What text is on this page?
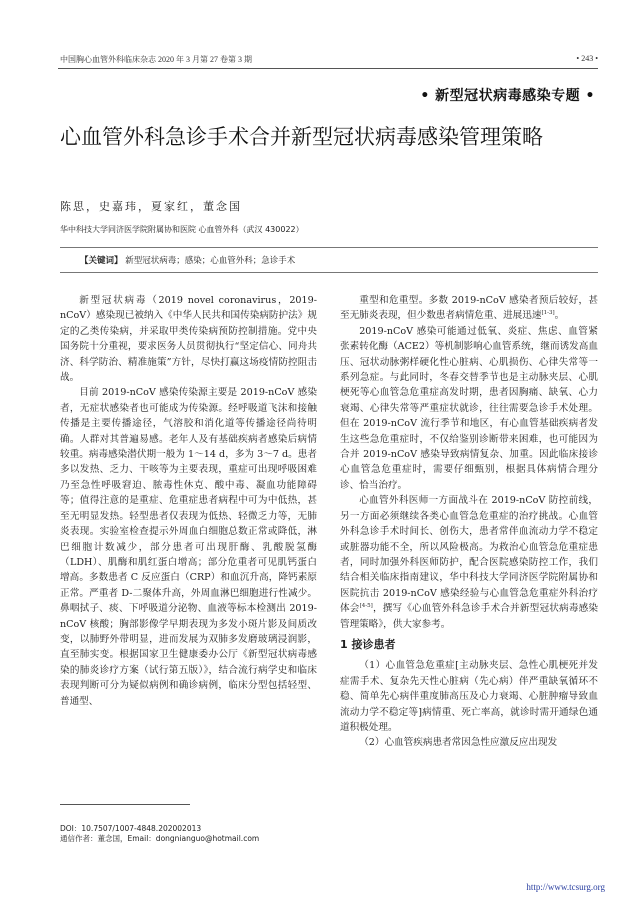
中国胸心血管外科临床杂志 2020 年 3 月第 27 卷第 3 期	• 243 •
• 新型冠状病毒感染专题 •
心血管外科急诊手术合并新型冠状病毒感染管理策略
陈思，史嘉玮，夏家红，董念国
华中科技大学同济医学院附属协和医院 心血管外科（武汉 430022）
【关键词】 新型冠状病毒；感染；心血管外科；急诊手术

新型冠状病毒（2019 novel coronavirus，2019-nCoV）感染现已被纳入《中华人民共和国传染病防护法》规定的乙类传染病，并采取甲类传染病预防控制措施。党中央国务院十分重视，要求医务人员贯彻执行“坚定信心、同舟共济、科学防治、精准施策”方针，尽快打赢这场疫情防控阻击战。

目前 2019-nCoV 感染传染源主要是 2019-nCoV 感染者，无症状感染者也可能成为传染源。经呼吸道飞沫和接触传播是主要传播途径，气溶胶和消化道等传播途径尚待明确。人群对其普遍易感。老年人及有基础疾病者感染后病情较重。病毒感染潜伏期一般为 1～14 d，多为 3～7 d。患者多以发热、乏力、干咳等为主要表现，重症可出现呼吸困难乃至急性呼吸窘迫、脓毒性休克、酸中毒、凝血功能障碍等；值得注意的是重症、危重症患者病程中可为中低热，甚至无明显发热。轻型患者仅表现为低热、轻微乏力等，无肺炎表现。实验室检查提示外周血白细胞总数正常或降低，淋巴细胞计数减少，部分患者可出现肝酶、乳酸脱氢酶（LDH）、肌酶和肌红蛋白增高；部分危重者可见肌钙蛋白增高。多数患者 C 反应蛋白（CRP）和血沉升高，降钙素原正常。严重者 D-二聚体升高，外周血淋巴细胞进行性减少。鼻咽拭子、痰、下呼吸道分泌物、血液等标本检测出 2019-nCoV 核酸；胸部影像学早期表现为多发小斑片影及间质改变，以肺野外带明显，进而发展为双肺多发磨玻璃浸润影，直至肺实变。根据国家卫生健康委办公厅《新型冠状病毒感染的肺炎诊疗方案（试行第五版）》，结合流行病学史和临床表现判断可分为疑似病例和确诊病例，临床分型包括轻型、普通型、

重型和危重型。多数 2019-nCoV 感染者预后较好，甚至无肺炎表现，但少数患者病情危重、进展迅速[1-3]。

2019-nCoV 感染可能通过低氧、炎症、焦虑、血管紧张素转化酶（ACE2）等机制影响心血管系统，继而诱发高血压、冠状动脉粥样硬化性心脏病、心肌损伤、心律失常等一系列急症。与此同时，冬春交替季节也是主动脉夹层、心肌梗死等心血管急危重症高发时期，患者因胸痛、缺氧、心力衰竭、心律失常等严重症状就诊，往往需要急诊手术处理。但在 2019-nCoV 流行季节和地区，有心血管基础疾病者发生这些急危重症时，不仅给鉴别诊断带来困难，也可能因为合并 2019-nCoV 感染导致病情复杂、加重。因此临床接诊心血管急危重症时，需要仔细甄别，根据具体病情合理分诊、恰当治疗。

心血管外科医师一方面战斗在 2019-nCoV 防控前线，另一方面必须继续各类心血管急危重症的治疗挑战。心血管外科急诊手术时间长、创伤大，患者常伴血流动力学不稳定或脏器功能不全，所以风险极高。为救治心血管急危重症患者，同时加强外科医师防护，配合医院感染防控工作，我们结合相关临床指南建议，华中科技大学同济医学院附属协和医院抗击 2019-nCoV 感染经验与心血管急危重症外科治疗体会[4-5]，撰写《心血管外科急诊手术合并新型冠状病毒感染管理策略》，供大家参考。

1 接诊患者

（1）心血管急危重症[主动脉夹层、急性心肌梗死并发症需手术、复杂先天性心脏病（先心病）伴严重缺氧循环不稳、简单先心病伴重度肺高压及心力衰竭、心脏肿瘤导致血流动力学不稳定等]病情重、死亡率高，就诊时需开通绿色通道积极处理。

（2）心血管疾病患者常因急性应激反应出现发

DOI：10.7507/1007-4848.202002013
通信作者：董念国，Email：dongnianguo@hotmail.com
http://www.tcsurg.org
